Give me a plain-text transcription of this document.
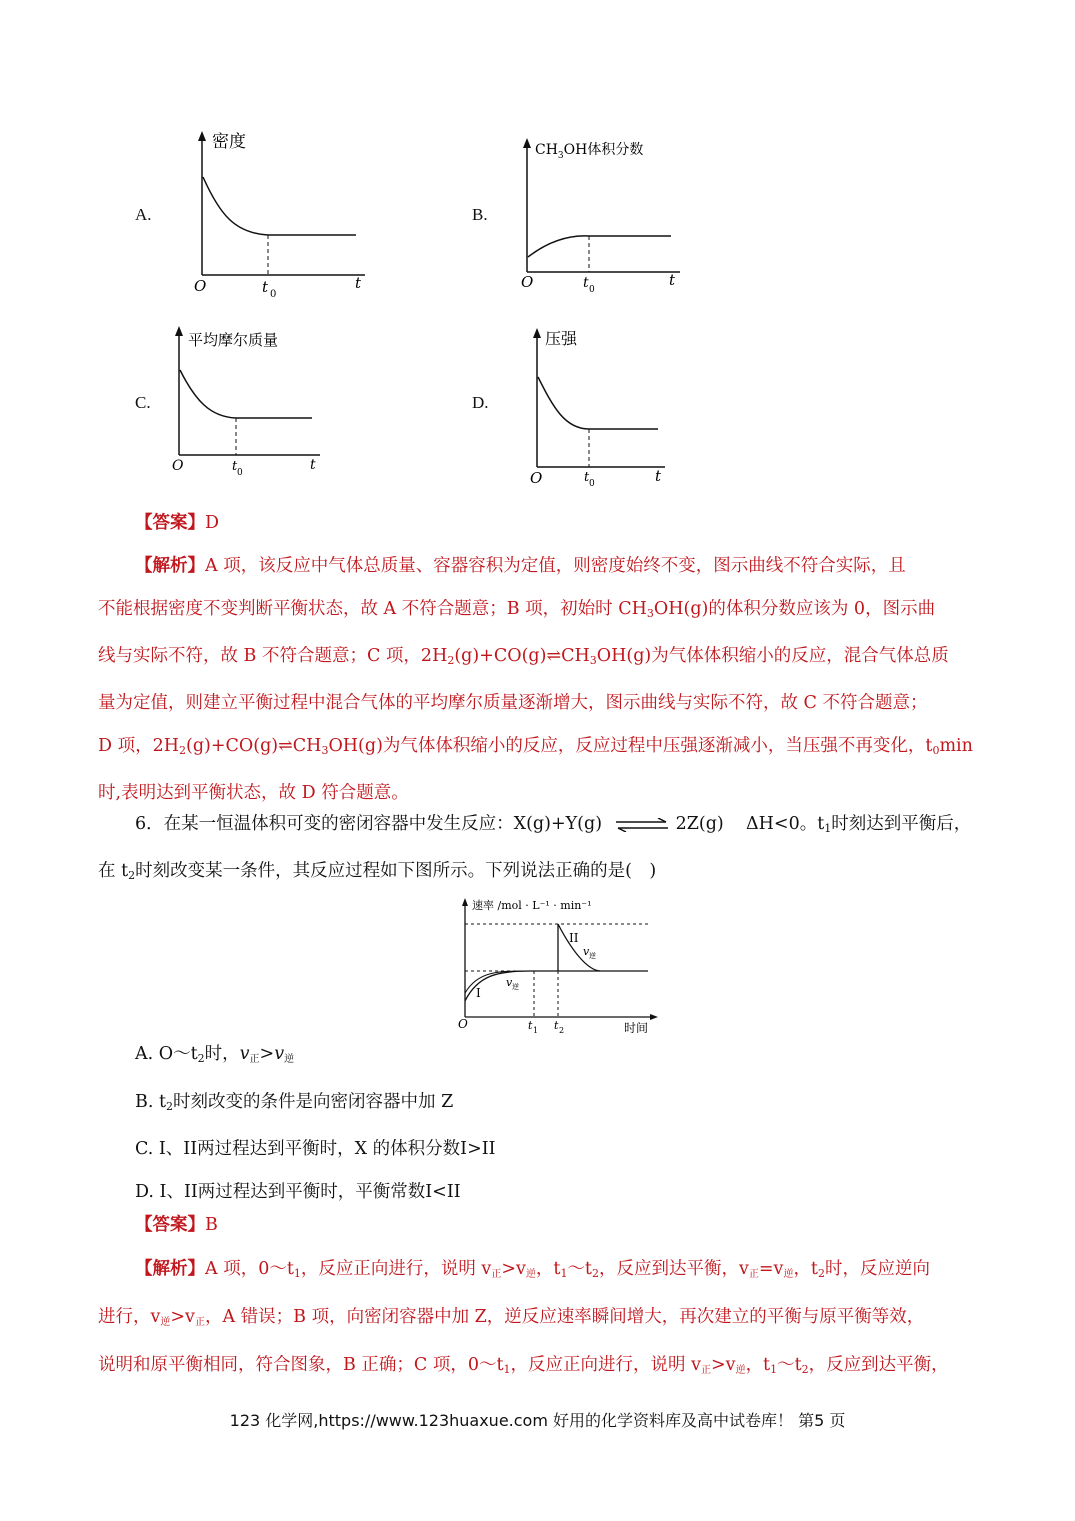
A.
密度
O	t 0
t
B.
$CH_3OH$体积分数
O	t 0
t
C.
平均摩尔质量
O	t 0	t
D.
压强
O	t 0	t
【答案】D
【解析】A 项，该反应中气体总质量、容器容积为定值，则密度始终不变，图示曲线不符合实际，且
不能根据密度不变判断平衡状态，故 A 不符合题意；B 项，初始时 $CH_3OH(g)$的体积分数应该为 0，图示曲
线与实际不符，故 B 不符合题意；C 项，$2H_2(g)+CO(g)\rightleftharpoons CH_3OH(g)$为气体体积缩小的反应，混合气体总质
量为定值，则建立平衡过程中混合气体的平均摩尔质量逐渐增大，图示曲线与实际不符，故 C 不符合题意；
D 项，$2H_2(g)+CO(g)\rightleftharpoons CH_3OH(g)$为气体体积缩小的反应，反应过程中压强逐渐减小，当压强不再变化，$t_0\min$
时,表明达到平衡状态，故 D 符合题意。
6．在某一恒温体积可变的密闭容器中发生反应：X(g)+Y(g) ⇌ 2Z(g) ΔH<0。$t_1$时刻达到平衡后，
在 $t_2$时刻改变某一条件，其反应过程如下图所示。下列说法正确的是(　)
速率 /mol · L⁻¹ · min⁻¹
O	t 1 t 2	时间
I
II
v 逆
v 逆
A. $O\sim t_2$时，v正>v逆
B. $t_2$时刻改变的条件是向密闭容器中加 Z
C. I、II两过程达到平衡时，X 的体积分数I>II
D. I、II两过程达到平衡时，平衡常数I<II
【答案】B
【解析】A 项，$0\sim t_1$，反应正向进行，说明 v正>v逆，$t_1\sim t_2$，反应到达平衡，v正=v逆，$t_2$时，反应逆向
进行，v逆>v正，A 错误；B 项，向密闭容器中加 Z，逆反应速率瞬间增大，再次建立的平衡与原平衡等效，
说明和原平衡相同，符合图象，B 正确；C 项，$0\sim t_1$，反应正向进行，说明 v正>v逆，$t_1\sim t_2$，反应到达平衡，
123 化学网,https://www.123huaxue.com 好用的化学资料库及高中试卷库！ 第5 页
